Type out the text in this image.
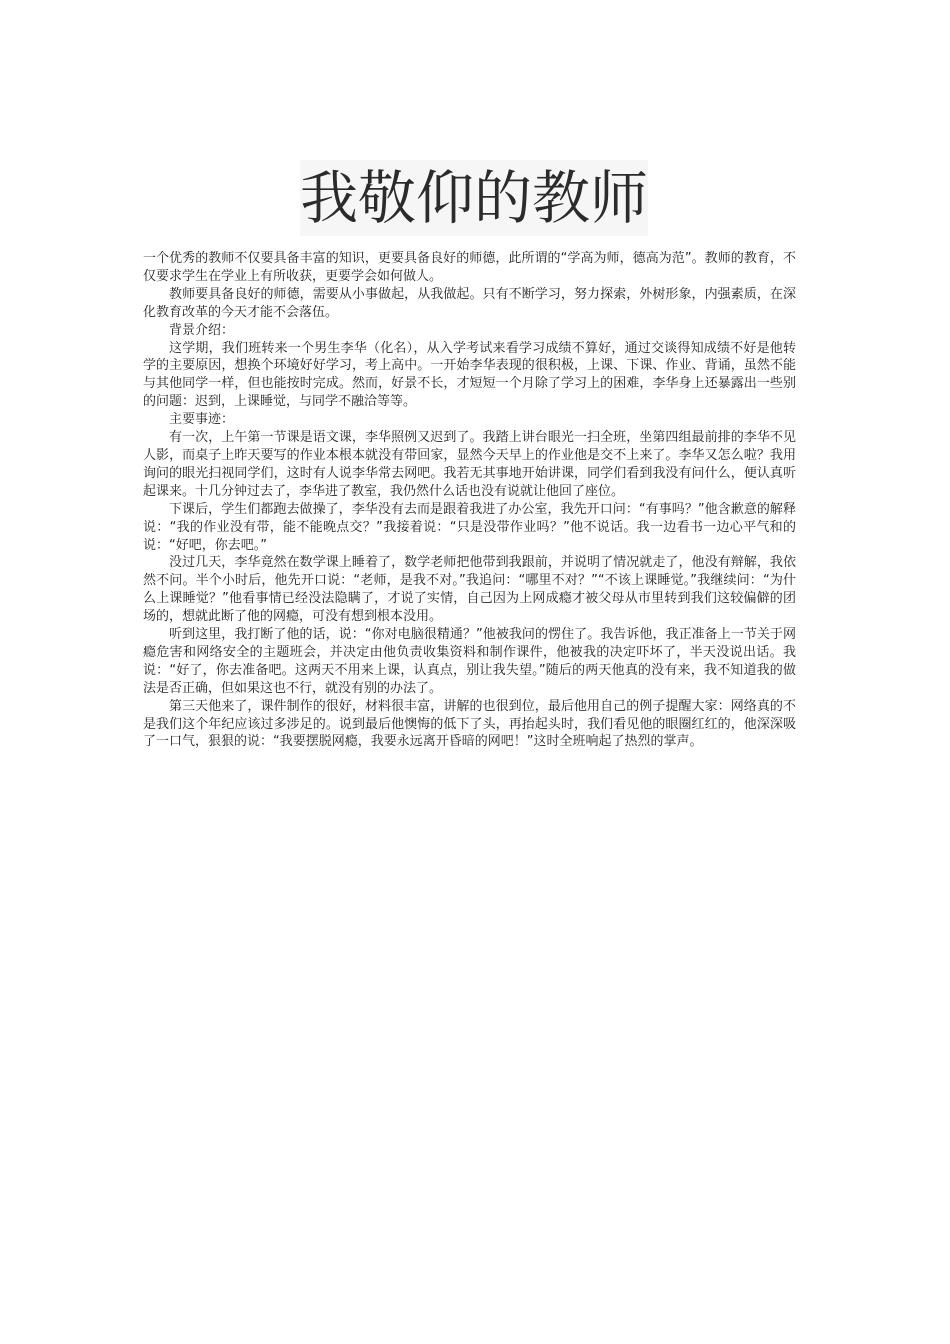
我敬仰的教师

一个优秀的教师不仅要具备丰富的知识，更要具备良好的师德，此所谓的“学高为师，德高为范”。教师的教育，不仅要求学生在学业上有所收获，更要学会如何做人。

教师要具备良好的师德，需要从小事做起，从我做起。只有不断学习，努力探索，外树形象，内强素质，在深化教育改革的今天才能不会落伍。

背景介绍：

这学期，我们班转来一个男生李华（化名），从入学考试来看学习成绩不算好，通过交谈得知成绩不好是他转学的主要原因，想换个环境好好学习，考上高中。一开始李华表现的很积极，上课、下课、作业、背诵，虽然不能与其他同学一样，但也能按时完成。然而，好景不长，才短短一个月除了学习上的困难，李华身上还暴露出一些别的问题：迟到，上课睡觉，与同学不融洽等等。

主要事迹：

有一次，上午第一节课是语文课，李华照例又迟到了。我踏上讲台眼光一扫全班，坐第四组最前排的李华不见人影，而桌子上昨天要写的作业本根本就没有带回家，显然今天早上的作业他是交不上来了。李华又怎么啦？我用询问的眼光扫视同学们，这时有人说李华常去网吧。我若无其事地开始讲课，同学们看到我没有问什么，便认真听起课来。十几分钟过去了，李华进了教室，我仍然什么话也没有说就让他回了座位。

下课后，学生们都跑去做操了，李华没有去而是跟着我进了办公室，我先开口问：“有事吗？”他含歉意的解释说：“我的作业没有带，能不能晚点交？”我接着说：“只是没带作业吗？”他不说话。我一边看书一边心平气和的说：“好吧，你去吧。”

没过几天，李华竟然在数学课上睡着了，数学老师把他带到我跟前，并说明了情况就走了，他没有辩解，我依然不问。半个小时后，他先开口说：“老师，是我不对。”我追问：“哪里不对？”“不该上课睡觉。”我继续问：“为什么上课睡觉？”他看事情已经没法隐瞒了，才说了实情，自己因为上网成瘾才被父母从市里转到我们这较偏僻的团场的，想就此断了他的网瘾，可没有想到根本没用。

听到这里，我打断了他的话，说：“你对电脑很精通？”他被我问的愣住了。我告诉他，我正准备上一节关于网瘾危害和网络安全的主题班会，并决定由他负责收集资料和制作课件，他被我的决定吓坏了，半天没说出话。我说：“好了，你去准备吧。这两天不用来上课，认真点，别让我失望。”随后的两天他真的没有来，我不知道我的做法是否正确，但如果这也不行，就没有别的办法了。

第三天他来了，课件制作的很好，材料很丰富，讲解的也很到位，最后他用自己的例子提醒大家：网络真的不是我们这个年纪应该过多涉足的。说到最后他懊悔的低下了头，再抬起头时，我们看见他的眼圈红红的，他深深吸了一口气，狠狠的说：“我要摆脱网瘾，我要永远离开昏暗的网吧！”这时全班响起了热烈的掌声。
